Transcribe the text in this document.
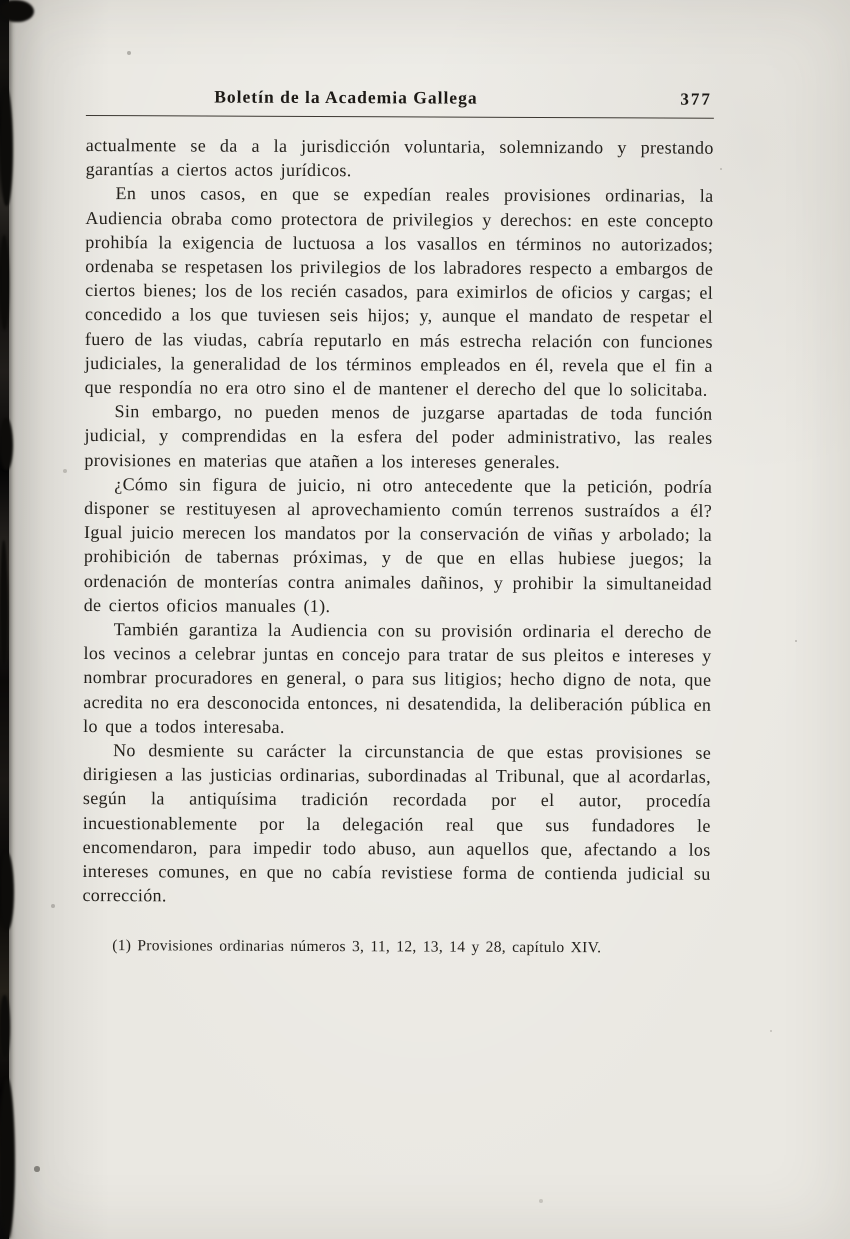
Boletín de la Academia Gallega	377

actualmente se da a la jurisdicción voluntaria, solemnizando y prestando garantías a ciertos actos jurídicos.

En unos casos, en que se expedían reales provisiones ordinarias, la Audiencia obraba como protectora de privilegios y derechos: en este concepto prohibía la exigencia de luctuosa a los vasallos en términos no autorizados; ordenaba se respetasen los privilegios de los labradores respecto a embargos de ciertos bienes; los de los recién casados, para eximirlos de oficios y cargas; el concedido a los que tuviesen seis hijos; y, aunque el mandato de respetar el fuero de las viudas, cabría reputarlo en más estrecha relación con funciones judiciales, la generalidad de los términos empleados en él, revela que el fin a que respondía no era otro sino el de mantener el derecho del que lo solicitaba.

Sin embargo, no pueden menos de juzgarse apartadas de toda función judicial, y comprendidas en la esfera del poder administrativo, las reales provisiones en materias que atañen a los intereses generales.

¿Cómo sin figura de juicio, ni otro antecedente que la petición, podría disponer se restituyesen al aprovechamiento común terrenos sustraídos a él? Igual juicio merecen los mandatos por la conservación de viñas y arbolado; la prohibición de tabernas próximas, y de que en ellas hubiese juegos; la ordenación de monterías contra animales dañinos, y prohibir la simultaneidad de ciertos oficios manuales (1).

También garantiza la Audiencia con su provisión ordinaria el derecho de los vecinos a celebrar juntas en concejo para tratar de sus pleitos e intereses y nombrar procuradores en general, o para sus litigios; hecho digno de nota, que acredita no era desconocida entonces, ni desatendida, la deliberación pública en lo que a todos interesaba.

No desmiente su carácter la circunstancia de que estas provisiones se dirigiesen a las justicias ordinarias, subordinadas al Tribunal, que al acordarlas, según la antiquísima tradición recordada por el autor, procedía incuestionablemente por la delegación real que sus fundadores le encomendaron, para impedir todo abuso, aun aquellos que, afectando a los intereses comunes, en que no cabía revistiese forma de contienda judicial su corrección.

(1) Provisiones ordinarias números 3, 11, 12, 13, 14 y 28, capítulo XIV.
